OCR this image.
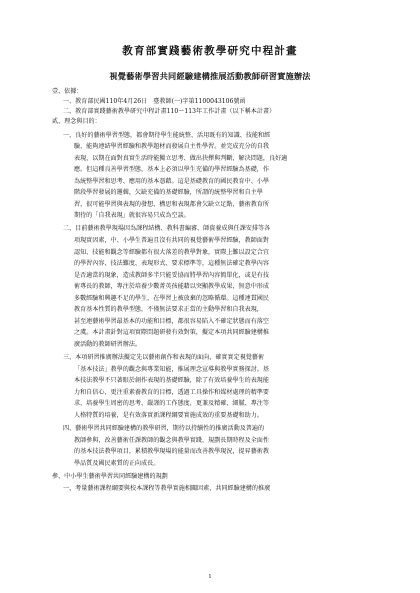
教育部實踐藝術教學研究中程計畫
視覺藝術學習共同經驗建構推展活動教師研習實施辦法
壹、依據：
一、教育部民國110年4月26日　臺教師(一)字第1100043106號函
二、教育部實踐藝術教學研究中程計畫110～113年工作計畫（以下稱本計畫）
貳、理念與目的：
一、良好的藝術學習型態，都會期待學生能統整、活用既有的知識、技能和經
驗，能夠連結學習經驗和教學題材而發展自主性學習。並完成充分的自我
表現，以期在面對真實生活時能獨立思考、做出抉擇與判斷，解決問題，良好適
應。但這種良善學習型態，基本上必須以學生充備的學習經驗為基礎，作
為統整學習和思考、應用的基本憑藉。這是基礎教育的國民教育中、小學
階段學習發展的邏輯，欠缺充備的基礎經驗，所謂的統整學習和自主學
習，很可能學習與表現的發想、構思和表現都會欠缺立足點，藝術教育所
期待的「自我表現」就很容易只成為空談。
二、目前藝術教學現場因為課程結構、教科書編審、師資養成與任課安排等各
項現實因素，中、小學生普遍且沒有共同的視覺藝術學習經驗，教師面對
認知、技能和觀念等經驗都有很大落差的教學對象，實際上難以設定合宜
的學習內容、技法難度、表現形式、要求標準等，這種無法確定教學內容
是否適當的現象，造成教師多半只能妥協而將學習內容簡單化，或是有技
術專長的教師，專注於培養少數菁英孩能藉以突顯教學成果，無意中形成
多數經驗和興趣不足的學生，在學習上被放棄的忽略循環。這種連貫國民
教育基本性質的教學型態，不僅無法要求正當的主動學習和自我表現，
甚至連藝術學習最基本的功能和目標，都很容易陷入不確定狀態而有落空
之虞。本計畫針對這項實際問題研發有效對策，擬定本項共同經驗建構推
廣活動的教師研習辦法。
三、本項研習推廣辦法擬定先以藝術創作和表現的面向，確實實定視覺藝術
「基本技法」教學的觀念與專業知能，推展理念宣導與教學實務探討。基
本技法教學不只著眼於創作表現的基礎經驗，除了有效培養學生的表現能
力和自信心，更注重素養教育的目標，透過工具操作和媒材處理的精準要
求，培養學生周密的思考、嚴謹的工作態度，更兼及精確、細膩、專注等
人格特質的培養，是有效落實新課程綱要實施成效的重要基礎和助力。
四、藝術學習共同經驗建構的教學研習，期待以持續性的推廣活動及普遍的
教師參與，改善藝術任課教師的觀念與教學實踐，規劃長期時程及全面性
的基本技法教學項目，累積教學現場的能量而改善教學現況，提昇藝術教
學品質及國民素質的正向成長。
參、中小學生藝術學習共同經驗建構的規劃
一、考量藝術課程綱要與校本課程等教學實施相關因素，共同經驗建構的推廣
1
